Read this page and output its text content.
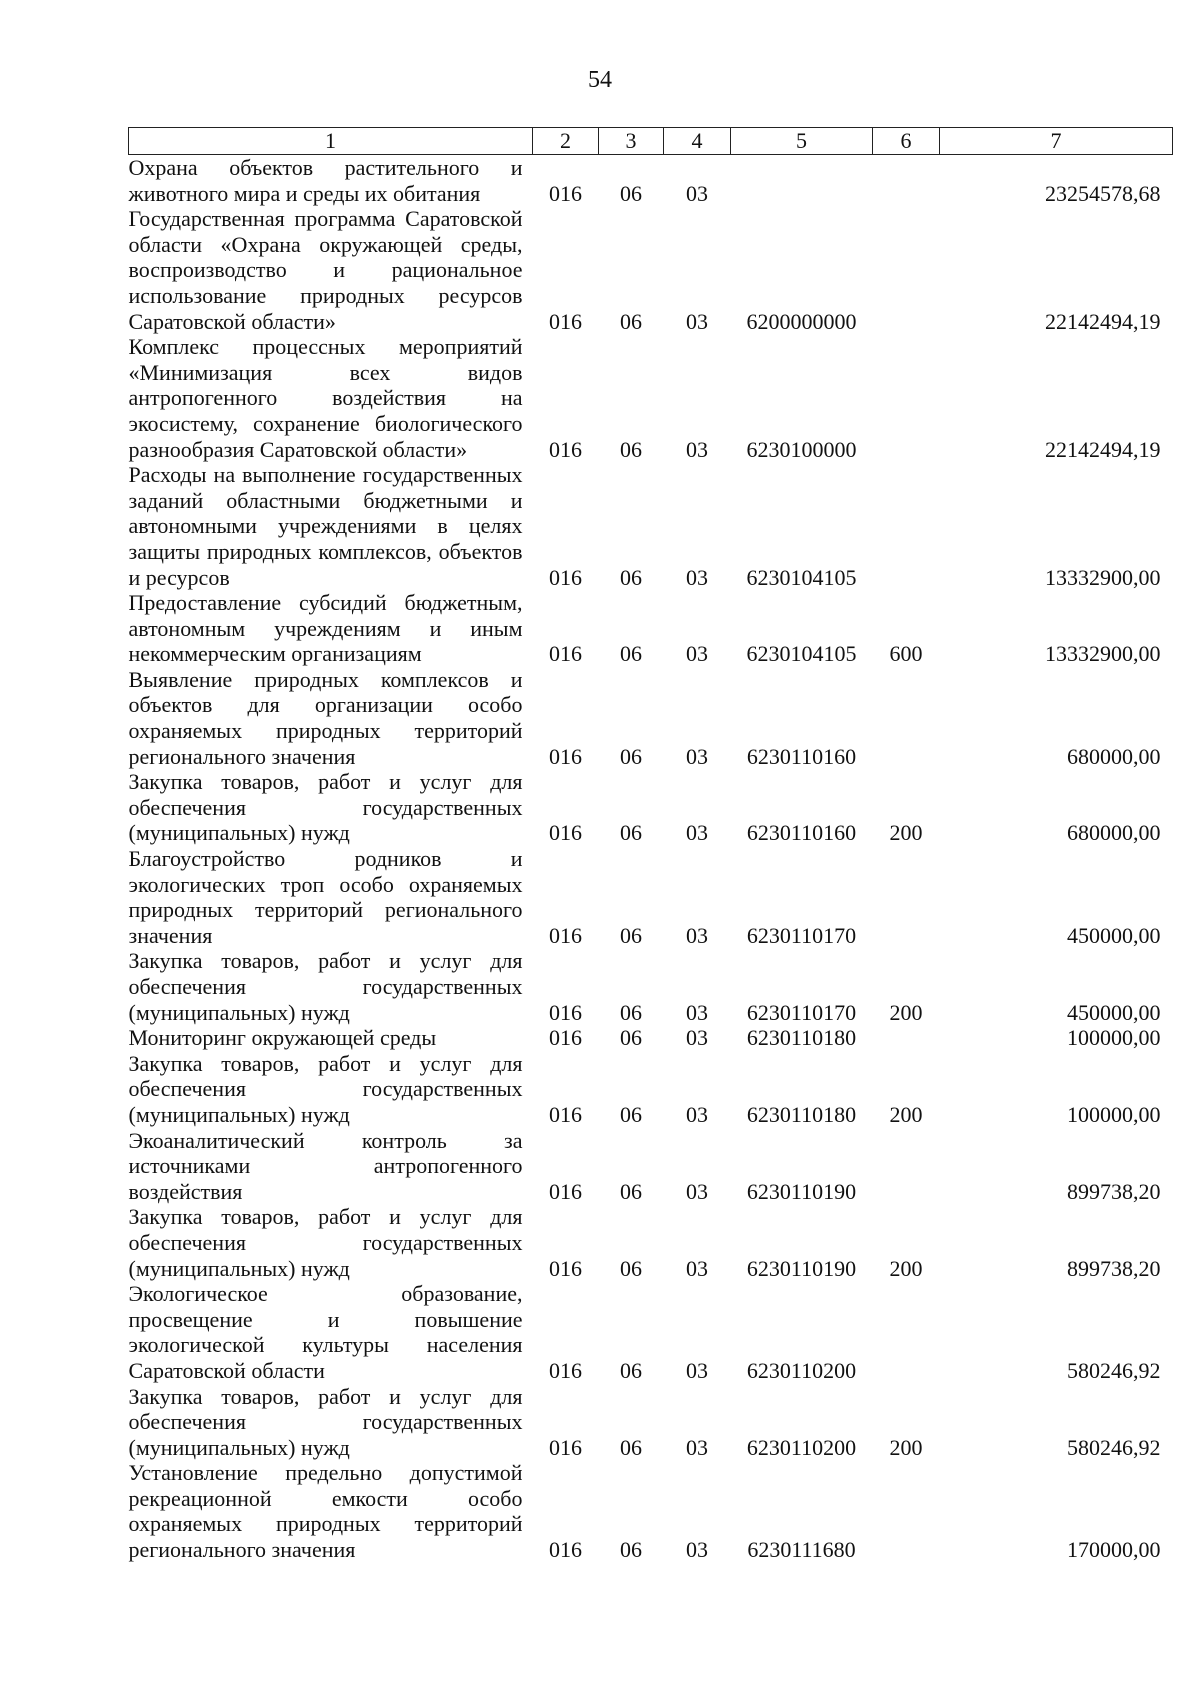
54
1	2	3	4	5	6	7
Охрана объектов растительного и животного мира и среды их обитания	016	06	03			23254578,68
Государственная программа Саратовской области «Охрана окружающей среды, воспроизводство и рациональное использование природных ресурсов Саратовской области»	016	06	03	6200000000		22142494,19
Комплекс процессных мероприятий «Минимизация всех видов антропогенного воздействия на экосистему, сохранение биологического разнообразия Саратовской области»	016	06	03	6230100000		22142494,19
Расходы на выполнение государственных заданий областными бюджетными и автономными учреждениями в целях защиты природных комплексов, объектов и ресурсов	016	06	03	6230104105		13332900,00
Предоставление субсидий бюджетным, автономным учреждениям и иным некоммерческим организациям	016	06	03	6230104105	600	13332900,00
Выявление природных комплексов и объектов для организации особо охраняемых природных территорий регионального значения	016	06	03	6230110160		680000,00
Закупка товаров, работ и услуг для обеспечения государственных (муниципальных) нужд	016	06	03	6230110160	200	680000,00
Благоустройство родников и экологических троп особо охраняемых природных территорий регионального значения	016	06	03	6230110170		450000,00
Закупка товаров, работ и услуг для обеспечения государственных (муниципальных) нужд	016	06	03	6230110170	200	450000,00
Мониторинг окружающей среды	016	06	03	6230110180		100000,00
Закупка товаров, работ и услуг для обеспечения государственных (муниципальных) нужд	016	06	03	6230110180	200	100000,00
Экоаналитический контроль за источниками антропогенного воздействия	016	06	03	6230110190		899738,20
Закупка товаров, работ и услуг для обеспечения государственных (муниципальных) нужд	016	06	03	6230110190	200	899738,20
Экологическое образование, просвещение и повышение экологической культуры населения Саратовской области	016	06	03	6230110200		580246,92
Закупка товаров, работ и услуг для обеспечения государственных (муниципальных) нужд	016	06	03	6230110200	200	580246,92
Установление предельно допустимой рекреационной емкости особо охраняемых природных территорий регионального значения	016	06	03	6230111680		170000,00
